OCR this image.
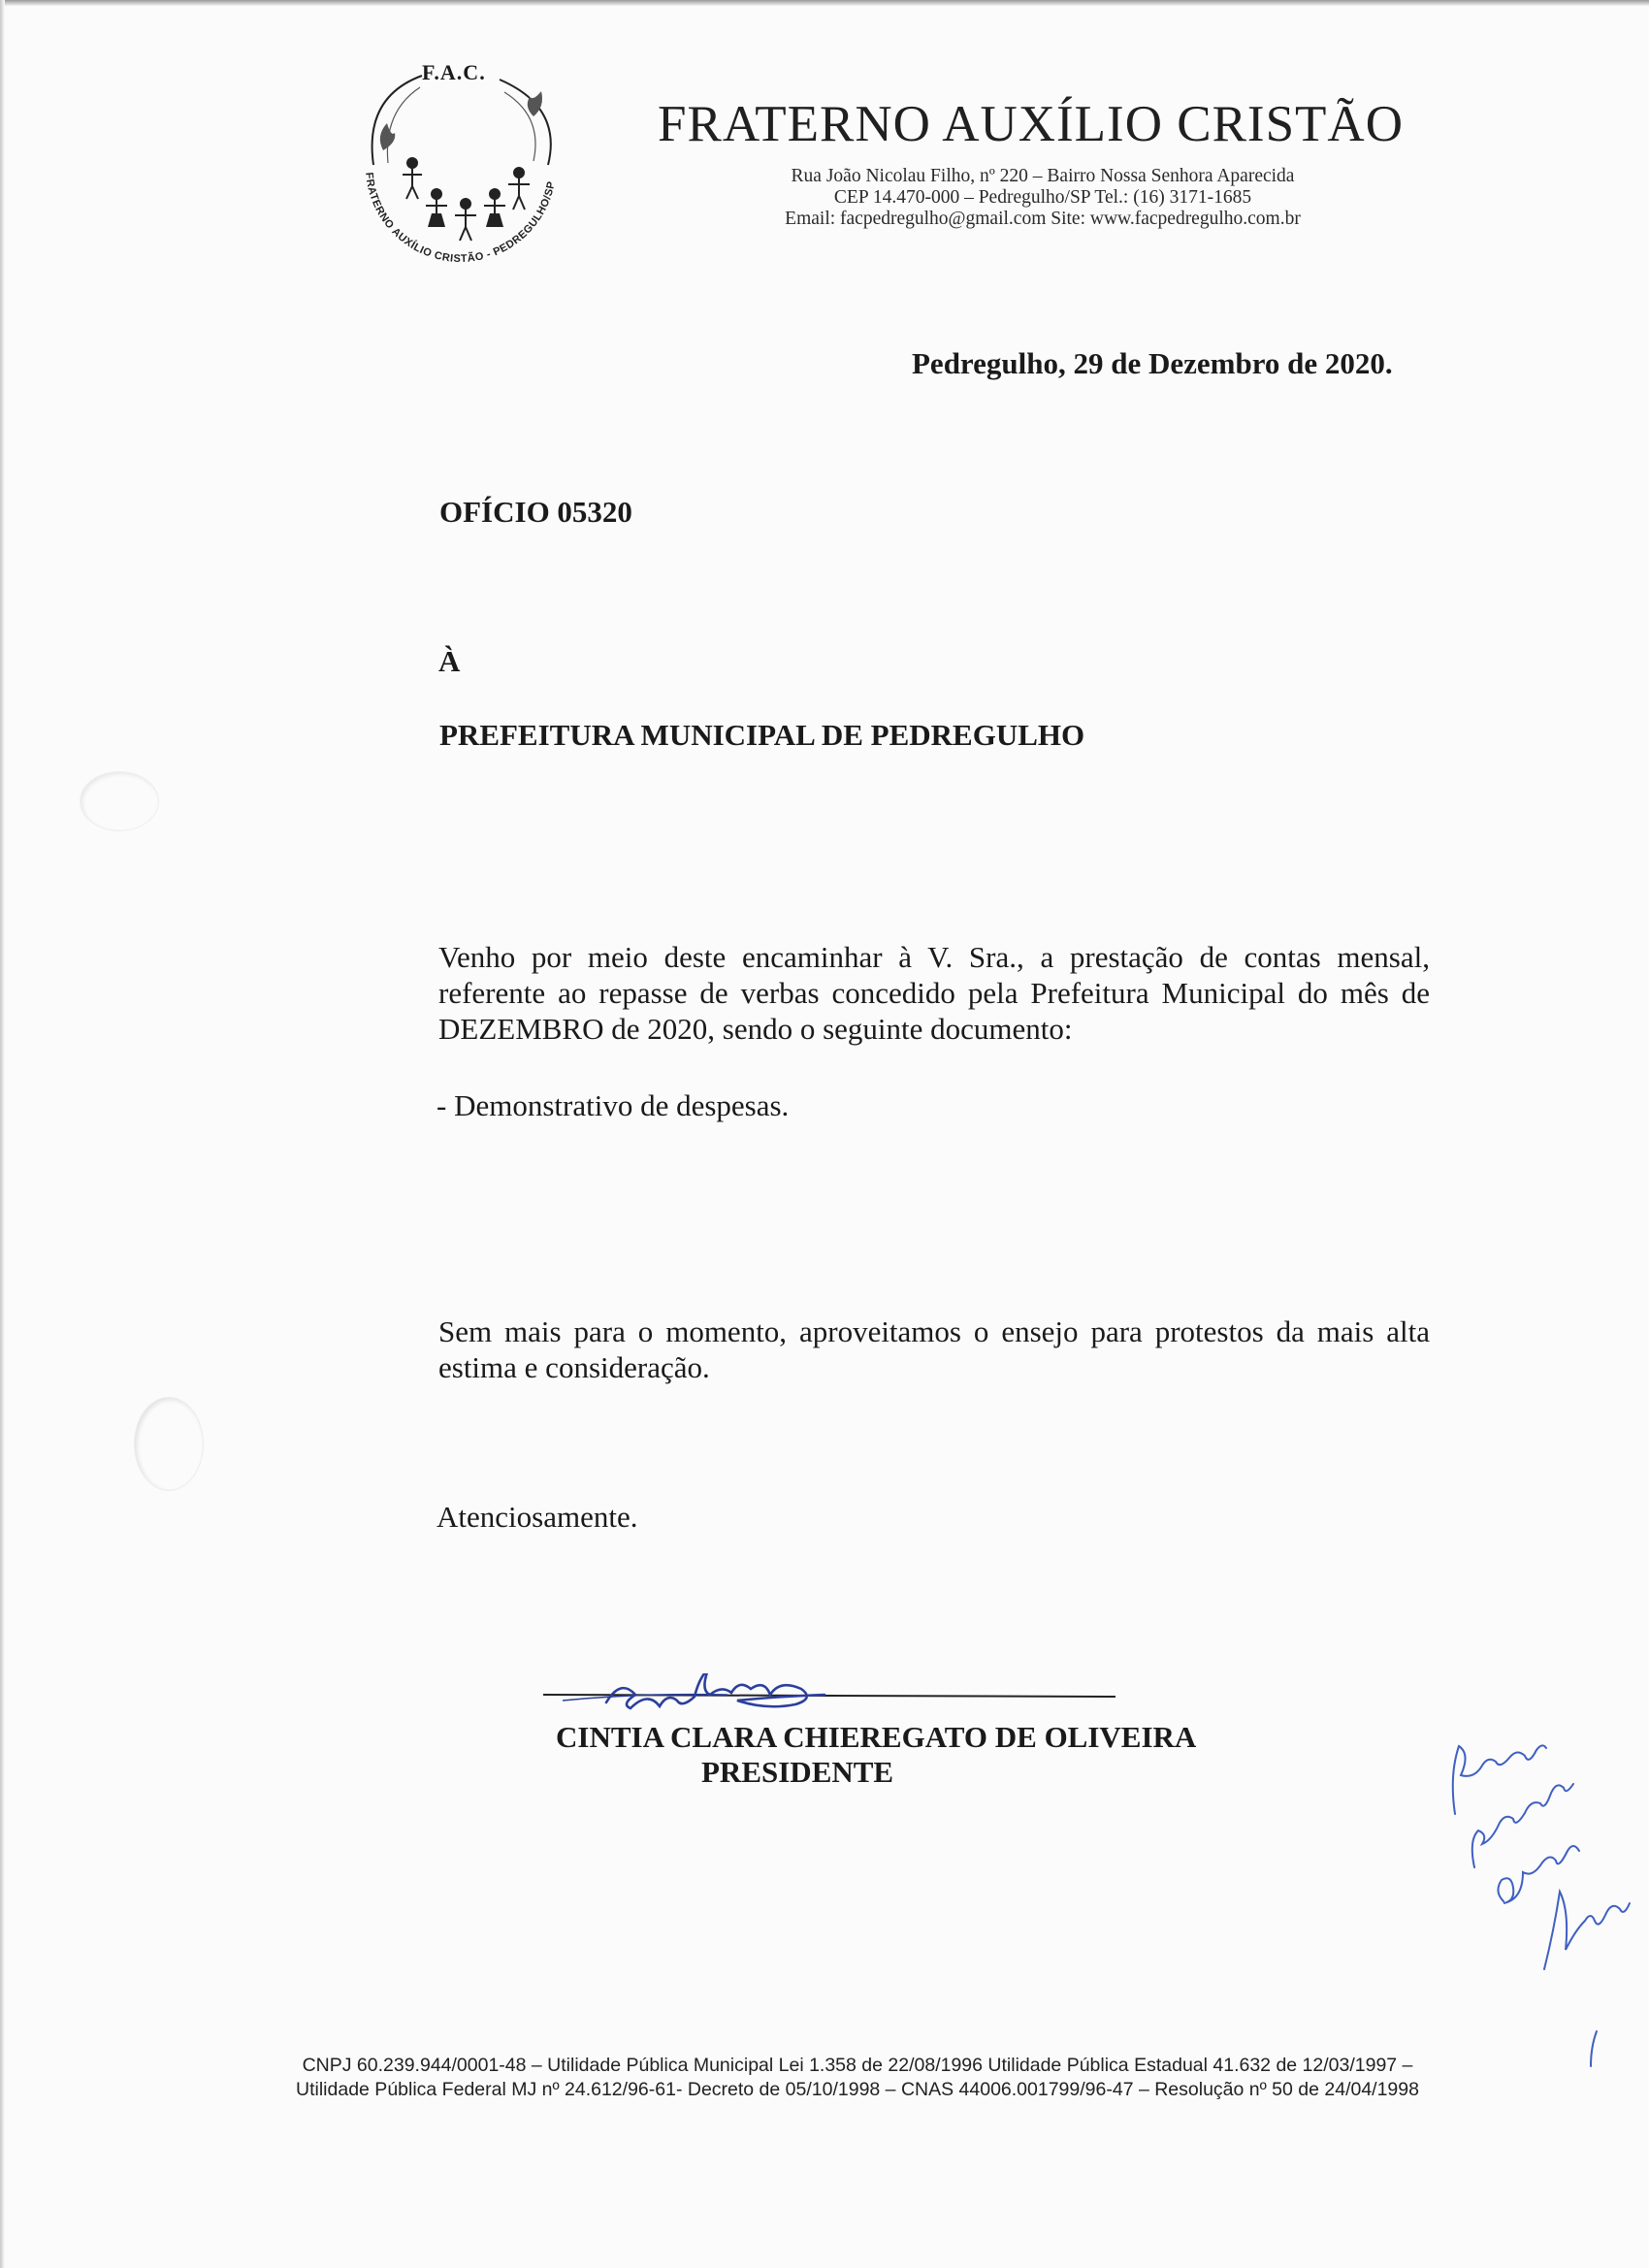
FRATERNO AUXÍLIO CRISTÃO - PEDREGULHO/SP
F.A.C.
FRATERNO AUXÍLIO CRISTÃO
Rua João Nicolau Filho, nº 220 – Bairro Nossa Senhora Aparecida
CEP 14.470-000 – Pedregulho/SP Tel.: (16) 3171-1685
Email: facpedregulho@gmail.com Site: www.facpedregulho.com.br
Pedregulho, 29 de Dezembro de 2020.
OFÍCIO 05320
À
PREFEITURA MUNICIPAL DE PEDREGULHO

Venho por meio deste encaminhar à V. Sra., a prestação de contas mensal, referente ao repasse de verbas concedido pela Prefeitura Municipal do mês de DEZEMBRO de 2020, sendo o seguinte documento:

- Demonstrativo de despesas.

Sem mais para o momento, aproveitamos o ensejo para protestos da mais alta estima e consideração.

Atenciosamente.
CINTIA CLARA CHIEREGATO DE OLIVEIRA
PRESIDENTE

CNPJ 60.239.944/0001-48 – Utilidade Pública Municipal Lei 1.358 de 22/08/1996 Utilidade Pública Estadual 41.632 de 12/03/1997 – Utilidade Pública Federal MJ nº 24.612/96-61- Decreto de 05/10/1998 – CNAS 44006.001799/96-47 – Resolução nº 50 de 24/04/1998
